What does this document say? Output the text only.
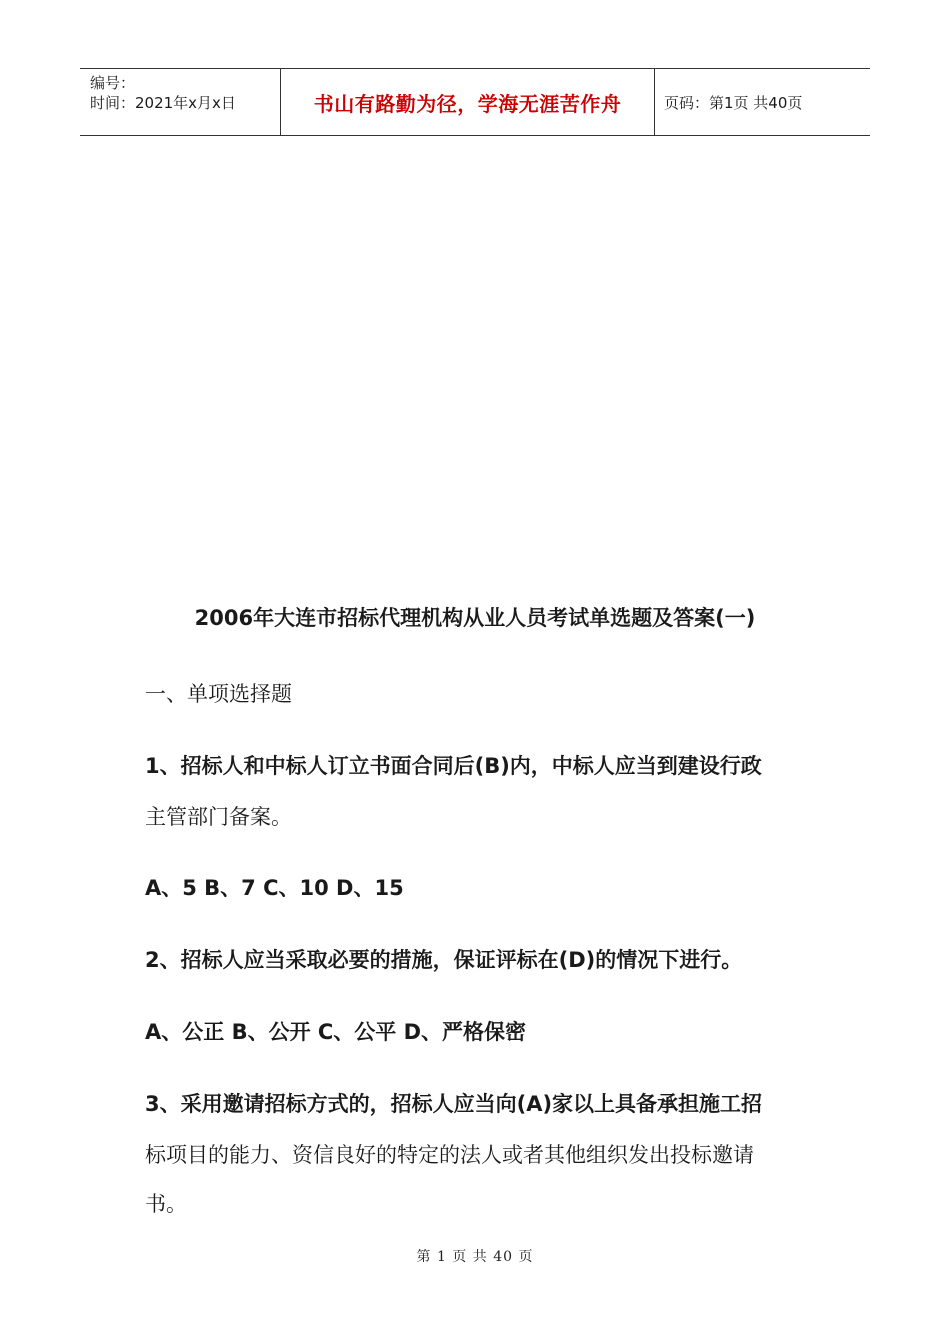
编号：
时间：2021年x月x日	书山有路勤为径，学海无涯苦作舟	页码：第1页 共40页
2006年大连市招标代理机构从业人员考试单选题及答案(一)
一、单项选择题
1、招标人和中标人订立书面合同后(B)内，中标人应当到建设行政
主管部门备案。
A、5 B、7 C、10 D、15
2、招标人应当采取必要的措施，保证评标在(D)的情况下进行。
A、公正 B、公开 C、公平 D、严格保密
3、采用邀请招标方式的，招标人应当向(A)家以上具备承担施工招
标项目的能力、资信良好的特定的法人或者其他组织发出投标邀请
书。
第 1 页 共 40 页
